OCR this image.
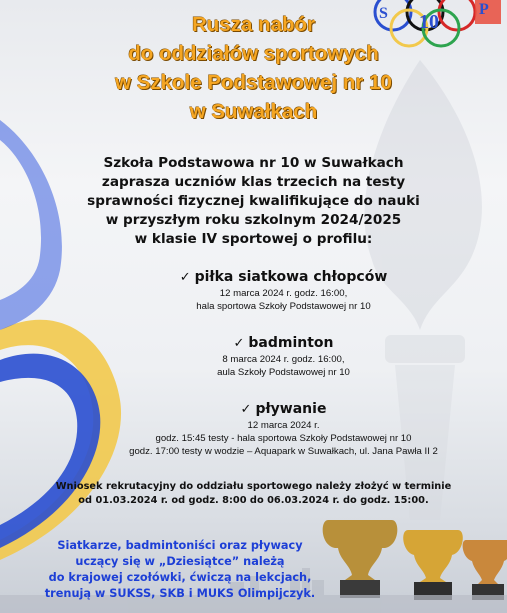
S 10
P
Rusza nabór
do oddziałów sportowych
w Szkole Podstawowej nr 10
w Suwałkach
Szkoła Podstawowa nr 10 w Suwałkach
zaprasza uczniów klas trzecich na testy
sprawności fizycznej kwalifikujące do nauki
w przyszłym roku szkolnym 2024/2025
w klasie IV sportowej o profilu:
✓ piłka siatkowa chłopców
12 marca 2024 r. godz. 16:00,
hala sportowa Szkoły Podstawowej nr 10
✓ badminton
8 marca 2024 r. godz. 16:00,
aula Szkoły Podstawowej nr 10
✓ pływanie
12 marca 2024 r.
godz. 15:45 testy - hala sportowa Szkoły Podstawowej nr 10
godz. 17:00 testy w wodzie – Aquapark w Suwałkach, ul. Jana Pawła II 2
Wniosek rekrutacyjny do oddziału sportowego należy złożyć w terminie
od 01.03.2024 r. od godz. 8:00 do 06.03.2024 r. do godz. 15:00.
Siatkarze, badmintoniści oraz pływacy
uczący się w „Dziesiątce” należą
do krajowej czołówki, ćwiczą na lekcjach,
trenują w SUKSS, SKB i MUKS Olimpijczyk.
